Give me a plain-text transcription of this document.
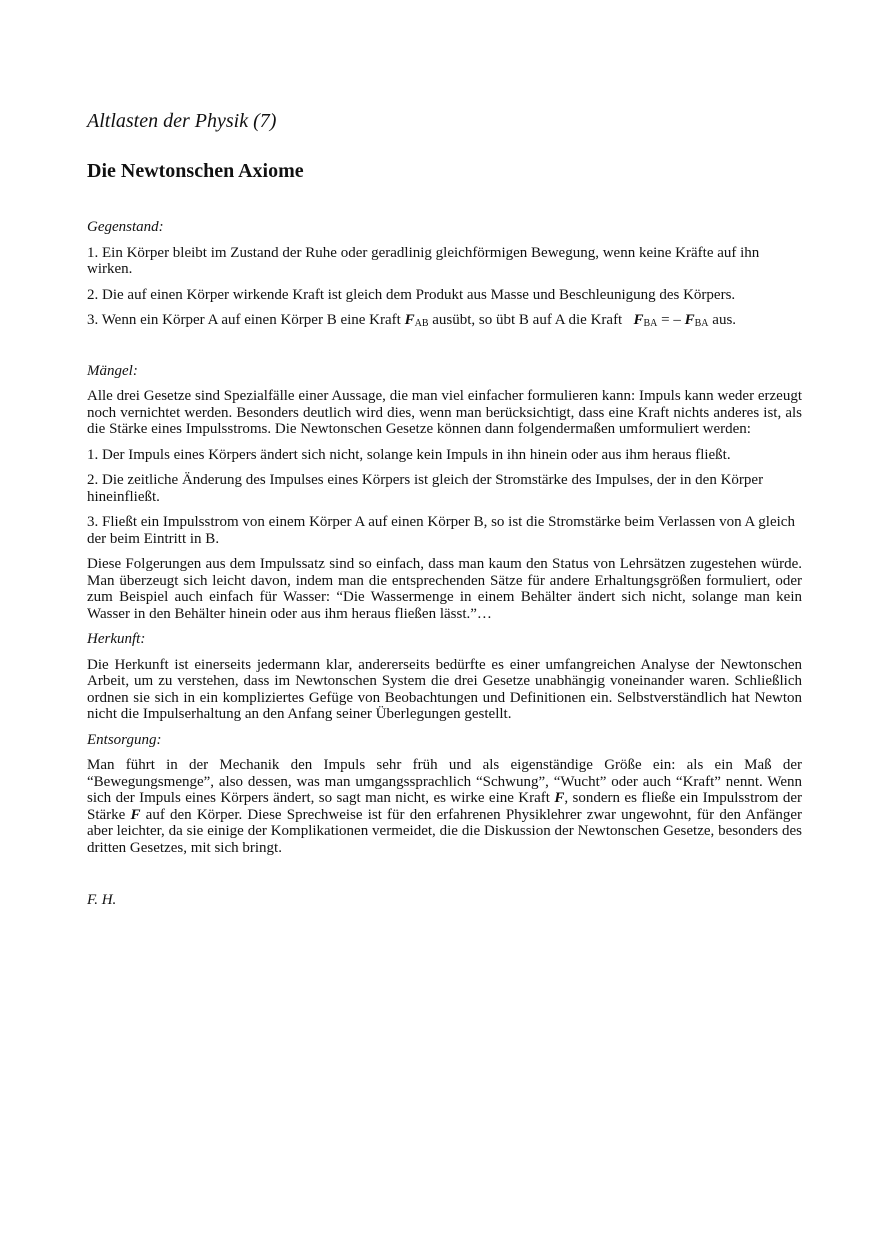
Altlasten der Physik (7)
Die Newtonschen Axiome
Gegenstand:

1. Ein Körper bleibt im Zustand der Ruhe oder geradlinig gleichförmigen Bewegung, wenn keine Kräfte auf ihn wirken.

2. Die auf einen Körper wirkende Kraft ist gleich dem Produkt aus Masse und Beschleunigung des Körpers.

3. Wenn ein Körper A auf einen Körper B eine Kraft $F_{AB}$ ausübt, so übt B auf A die Kraft   $F_{BA}$ = – $F_{BA}$ aus.

Mängel:

Alle drei Gesetze sind Spezialfälle einer Aussage, die man viel einfacher formulieren kann: Impuls kann weder erzeugt noch vernichtet werden. Besonders deutlich wird dies, wenn man berücksichtigt, dass eine Kraft nichts anderes ist, als die Stärke eines Impulsstroms. Die Newtonschen Gesetze können dann folgendermaßen umformuliert werden:

1. Der Impuls eines Körpers ändert sich nicht, solange kein Impuls in ihn hinein oder aus ihm heraus fließt.

2. Die zeitliche Änderung des Impulses eines Körpers ist gleich der Stromstärke des Impulses, der in den Körper hineinfließt.

3. Fließt ein Impulsstrom von einem Körper A auf einen Körper B, so ist die Stromstärke beim Verlassen von A gleich der beim Eintritt in B.

Diese Folgerungen aus dem Impulssatz sind so einfach, dass man kaum den Status von Lehrsätzen zugestehen würde. Man überzeugt sich leicht davon, indem man die entsprechenden Sätze für andere Erhaltungsgrößen formuliert, oder zum Beispiel auch einfach für Wasser: “Die Wassermenge in einem Behälter ändert sich nicht, solange man kein Wasser in den Behälter hinein oder aus ihm heraus fließen lässt.”…

Herkunft:

Die Herkunft ist einerseits jedermann klar, andererseits bedürfte es einer umfangreichen Analyse der Newtonschen Arbeit, um zu verstehen, dass im Newtonschen System die drei Gesetze unabhängig voneinander waren. Schließlich ordnen sie sich in ein kompliziertes Gefüge von Beobachtungen und Definitionen ein. Selbstverständlich hat Newton nicht die Impulserhaltung an den Anfang seiner Überlegungen gestellt.

Entsorgung:

Man führt in der Mechanik den Impuls sehr früh und als eigenständige Größe ein: als ein Maß der “Bewegungsmenge”, also dessen, was man umgangssprachlich “Schwung”, “Wucht” oder auch “Kraft” nennt. Wenn sich der Impuls eines Körpers ändert, so sagt man nicht, es wirke eine Kraft F, sondern es fließe ein Impulsstrom der Stärke F auf den Körper. Diese Sprechweise ist für den erfahrenen Physiklehrer zwar ungewohnt, für den Anfänger aber leichter, da sie einige der Komplikationen vermeidet, die die Diskussion der Newtonschen Gesetze, besonders des dritten Gesetzes, mit sich bringt.

F. H.
